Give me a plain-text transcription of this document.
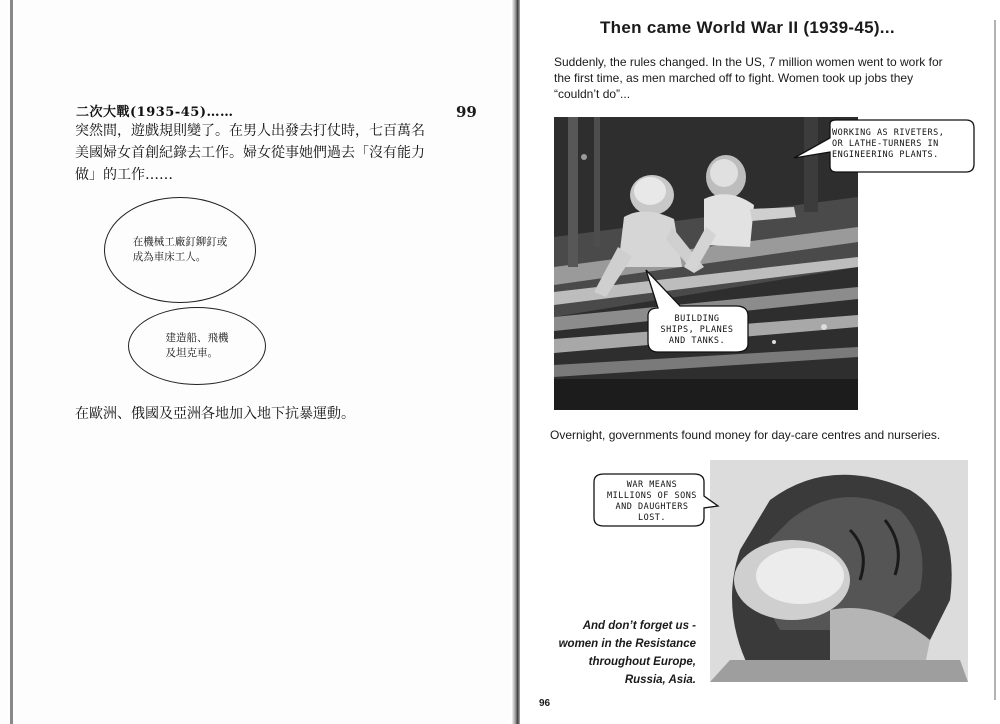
二次大戰(1935-45)……	99
突然間，遊戲規則變了。在男人出發去打仗時，七百萬名
美國婦女首創紀錄去工作。婦女從事她們過去「沒有能力
做」的工作……
在機械工廠釘鉚釘或
成為車床工人。
建造船、飛機
及坦克車。
在歐洲、俄國及亞洲各地加入地下抗暴運動。
Then came World War II (1939-45)...
Suddenly, the rules changed. In the US, 7 million women went to work for
the first time, as men marched off to fight. Women took up jobs they
“couldn’t do”...
WORKING AS RIVETERS,
OR LATHE-TURNERS IN
ENGINEERING PLANTS.
BUILDING
SHIPS, PLANES
AND TANKS.
Overnight, governments found money for day-care centres and nurseries.
WAR MEANS
MILLIONS OF SONS
AND DAUGHTERS
LOST.
And don’t forget us -
women in the Resistance
throughout Europe,
Russia, Asia.
96
